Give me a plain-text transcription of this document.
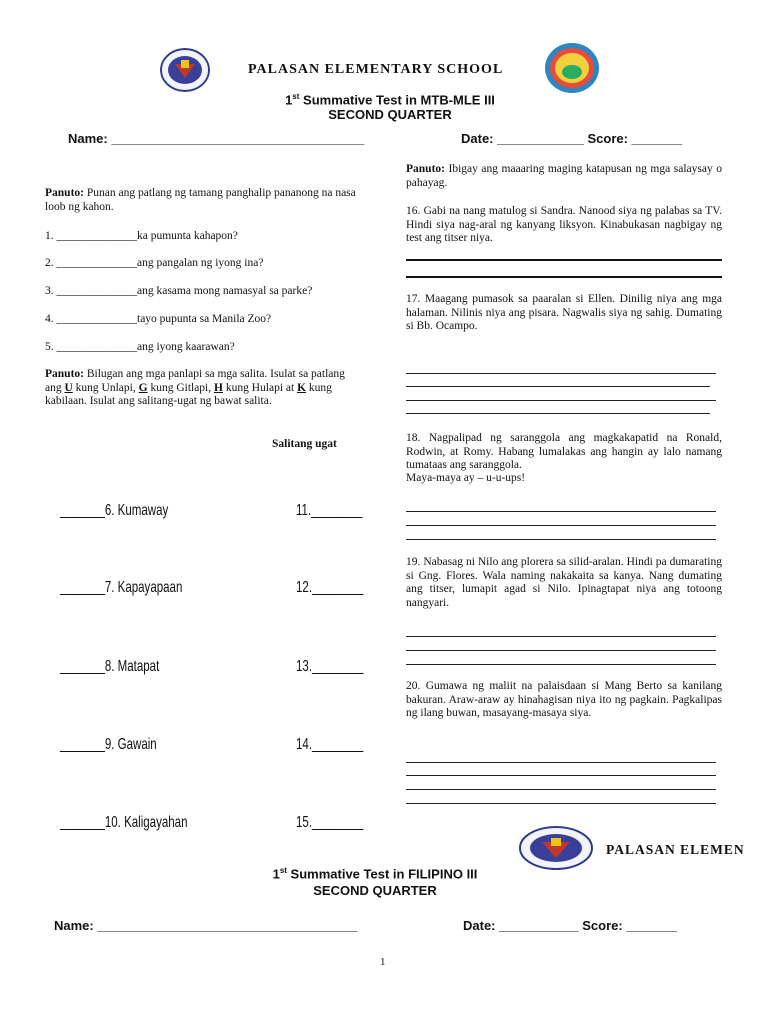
PALASAN ELEMENTARY SCHOOL
1st Summative Test in MTB-MLE III
SECOND QUARTER
Name: ___________________________________	Date: ____________ Score: _______
Panuto: Punan ang patlang ng tamang panghalip pananong na nasa loob ng kahon.
1. ______________ka pumunta kahapon?
2. ______________ang pangalan ng iyong ina?
3. ______________ang kasama mong namasyal sa parke?
4. ______________tayo pupunta sa Manila Zoo?
5. ______________ang iyong kaarawan?
Panuto: Bilugan ang mga panlapi sa mga salita. Isulat sa patlang ang U kung Unlapi, G kung Gitlapi, H kung Hulapi at K kung kabilaan. Isulat ang salitang-ugat ng bawat salita.
Salitang ugat
_______6. Kumaway
_______7. Kapayapaan
_______8. Matapat
_______9. Gawain
_______10. Kaligayahan
11.________
12.________
13.________
14.________
15.________
Panuto: Ibigay ang maaaring maging katapusan ng mga salaysay o pahayag.
16. Gabi na nang matulog si Sandra. Nanood siya ng palabas sa TV. Hindi siya nag-aral ng kanyang liksyon. Kinabukasan nagbigay ng test ang titser niya.
17. Maagang pumasok sa paaralan si Ellen. Dinilig niya ang mga halaman. Nilinis niya ang pisara. Nagwalis siya ng sahig. Dumating si Bb. Ocampo.
18. Nagpalipad ng saranggola ang magkakapatid na Ronald, Rodwin, at Romy. Habang lumalakas ang hangin ay lalo namang tumataas ang saranggola.
Maya-maya ay – u-u-ups!
19. Nabasag ni Nilo ang plorera sa silid-aralan. Hindi pa dumarating si Gng. Flores. Wala naming nakakaita sa kanya. Nang dumating ang titser, lumapit agad si Nilo. Ipinagtapat niya ang totoong nangyari.
20. Gumawa ng maliit na palaisdaan si Mang Berto sa kanilang bakuran. Araw-araw ay hinahagisan niya ito ng pagkain. Pagkalipas ng ilang buwan, masayang-masaya siya.
PALASAN ELEMEN
1st Summative Test in FILIPINO III
SECOND QUARTER
Name: ____________________________________	Date: ___________ Score: _______
1
